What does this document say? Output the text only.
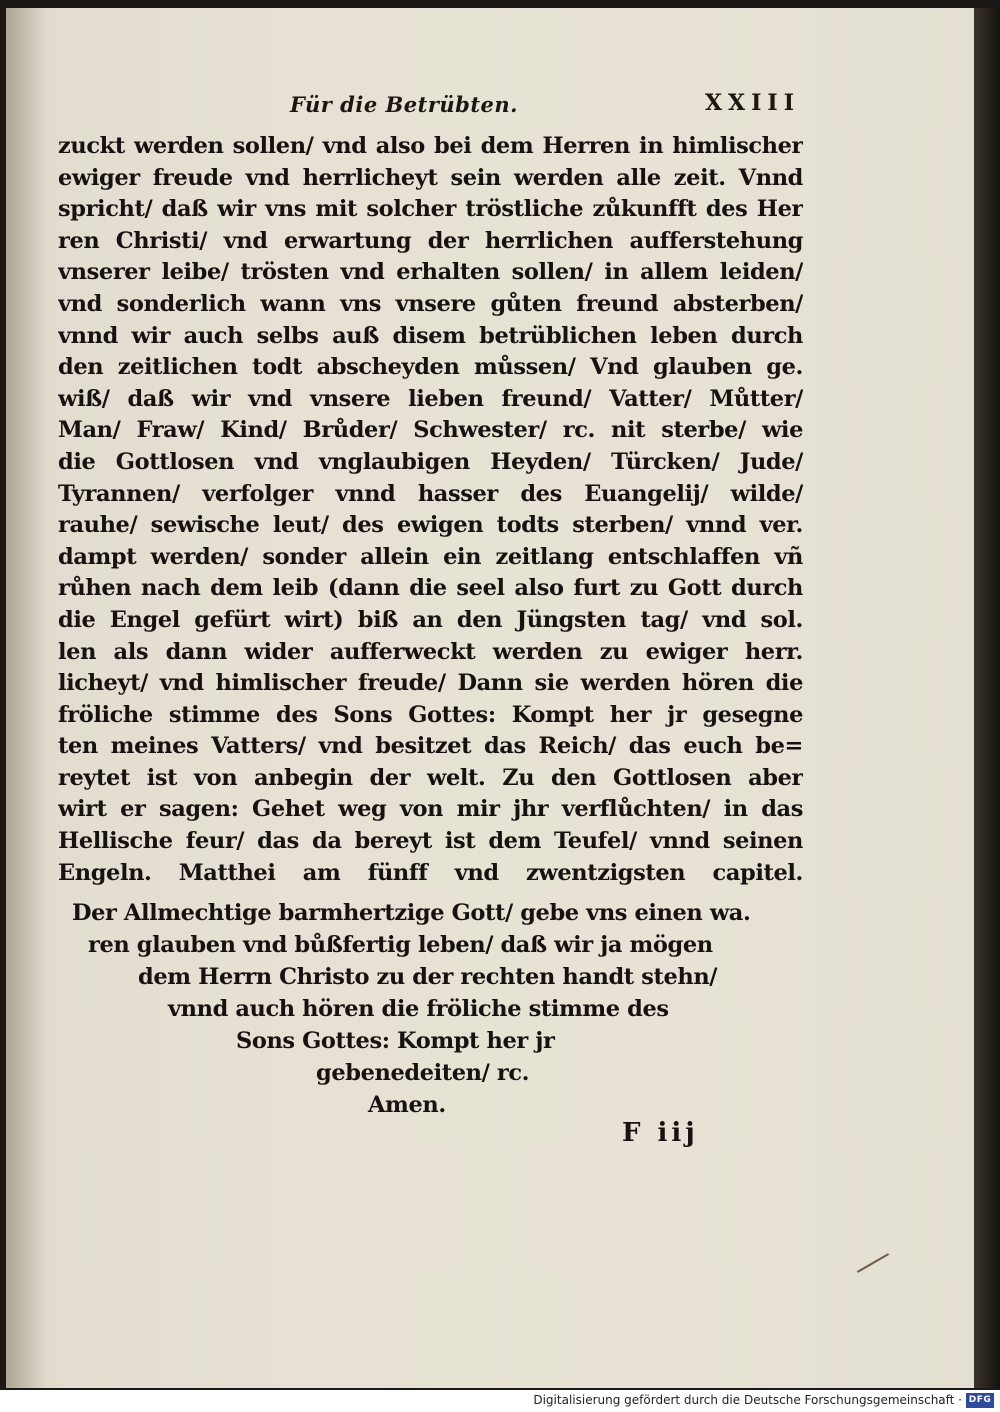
Für die Betrübten.	XXIII
zuckt werden sollen/ vnd also bei dem Herren in himlischer
ewiger freude vnd herrlicheyt sein werden alle zeit. Vnnd
spricht/ daß wir vns mit solcher tröstliche zůkunfft des Her
ren Christi/ vnd erwartung der herrlichen aufferstehung
vnserer leibe/ trösten vnd erhalten sollen/ in allem leiden/
vnd sonderlich wann vns vnsere gůten freund absterben/
vnnd wir auch selbs auß disem betrüblichen leben durch
den zeitlichen todt abscheyden můssen/ Vnd glauben ge.
wiß/ daß wir vnd vnsere lieben freund/ Vatter/ Můtter/
Man/ Fraw/ Kind/ Brůder/ Schwester/ rc. nit sterbe/ wie
die Gottlosen vnd vnglaubigen Heyden/ Türcken/ Jude/
Tyrannen/ verfolger vnnd hasser des Euangelij/ wilde/
rauhe/ sewische leut/ des ewigen todts sterben/ vnnd ver.
dampt werden/ sonder allein ein zeitlang entschlaffen vñ
růhen nach dem leib (dann die seel also furt zu Gott durch
die Engel gefürt wirt) biß an den Jüngsten tag/ vnd sol.
len als dann wider aufferweckt werden zu ewiger herr.
licheyt/ vnd himlischer freude/ Dann sie werden hören die
fröliche stimme des Sons Gottes: Kompt her jr gesegne
ten meines Vatters/ vnd besitzet das Reich/ das euch be=
reytet ist von anbegin der welt. Zu den Gottlosen aber
wirt er sagen: Gehet weg von mir jhr verflůchten/ in das
Hellische feur/ das da bereyt ist dem Teufel/ vnnd seinen
Engeln. Matthei am fünff vnd zwentzigsten capitel.
Der Allmechtige barmhertzige Gott/ gebe vns einen wa.
ren glauben vnd bůßfertig leben/ daß wir ja mögen
dem Herrn Christo zu der rechten handt stehn/
vnnd auch hören die fröliche stimme des
Sons Gottes: Kompt her jr
gebenedeiten/ rc.
Amen.
F iij
Digitalisierung gefördert durch die Deutsche Forschungsgemeinschaft · DFG
